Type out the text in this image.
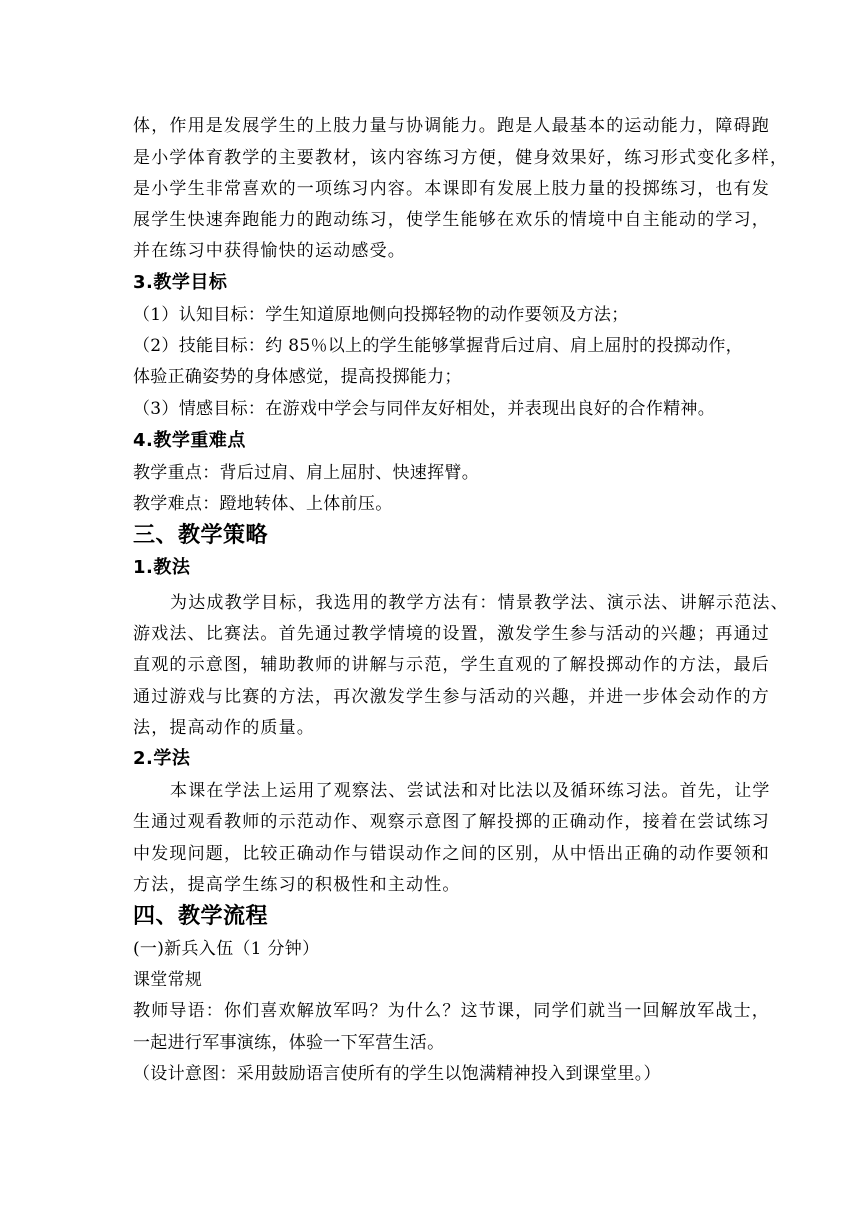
体，作用是发展学生的上肢力量与协调能力。跑是人最基本的运动能力，障碍跑
是小学体育教学的主要教材，该内容练习方便，健身效果好，练习形式变化多样，
是小学生非常喜欢的一项练习内容。本课即有发展上肢力量的投掷练习，也有发
展学生快速奔跑能力的跑动练习，使学生能够在欢乐的情境中自主能动的学习，
并在练习中获得愉快的运动感受。
3.教学目标
（1）认知目标：学生知道原地侧向投掷轻物的动作要领及方法；
（2）技能目标：约 85％以上的学生能够掌握背后过肩、肩上屈肘的投掷动作，
体验正确姿势的身体感觉，提高投掷能力；
（3）情感目标：在游戏中学会与同伴友好相处，并表现出良好的合作精神。
4.教学重难点
教学重点：背后过肩、肩上屈肘、快速挥臂。
教学难点：蹬地转体、上体前压。
三、教学策略
1.教法
为达成教学目标，我选用的教学方法有：情景教学法、演示法、讲解示范法、
游戏法、比赛法。首先通过教学情境的设置，激发学生参与活动的兴趣；再通过
直观的示意图，辅助教师的讲解与示范，学生直观的了解投掷动作的方法，最后
通过游戏与比赛的方法，再次激发学生参与活动的兴趣，并进一步体会动作的方
法，提高动作的质量。
2.学法
本课在学法上运用了观察法、尝试法和对比法以及循环练习法。首先，让学
生通过观看教师的示范动作、观察示意图了解投掷的正确动作，接着在尝试练习
中发现问题，比较正确动作与错误动作之间的区别，从中悟出正确的动作要领和
方法，提高学生练习的积极性和主动性。
四、教学流程
(一)新兵入伍（1 分钟）
课堂常规
教师导语：你们喜欢解放军吗？为什么？这节课，同学们就当一回解放军战士，
一起进行军事演练，体验一下军营生活。
（设计意图：采用鼓励语言使所有的学生以饱满精神投入到课堂里。）
